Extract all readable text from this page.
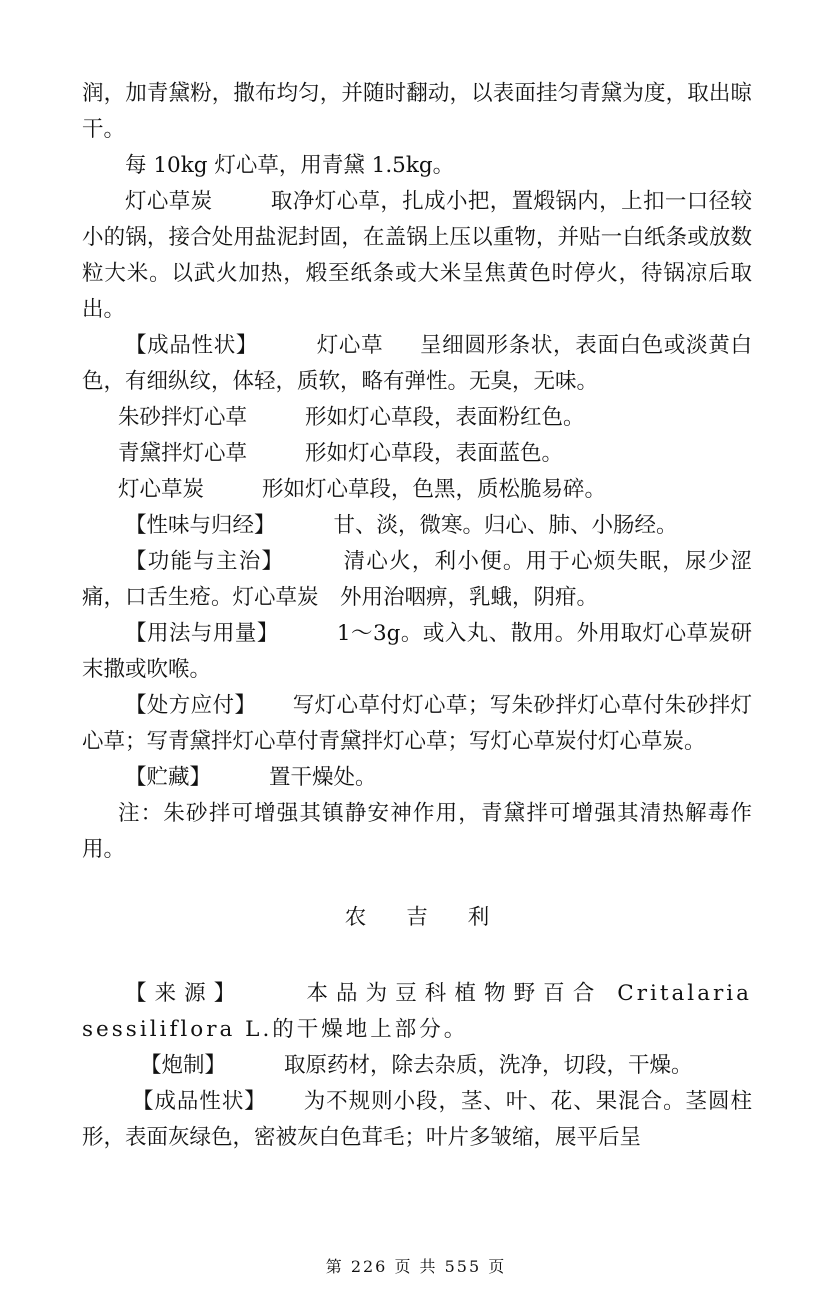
润，加青黛粉，撒布均匀，并随时翻动，以表面挂匀青黛为度，取出晾干。

每 10kg 灯心草，用青黛 1.5kg。

灯心草炭	取净灯心草，扎成小把，置煅锅内，上扣一口径较小的锅，接合处用盐泥封固，在盖锅上压以重物，并贴一白纸条或放数粒大米。以武火加热，煅至纸条或大米呈焦黄色时停火，待锅凉后取出。

【成品性状】	灯心草 呈细圆形条状，表面白色或淡黄白色，有细纵纹，体轻，质软，略有弹性。无臭，无味。

朱砂拌灯心草	形如灯心草段，表面粉红色。

青黛拌灯心草	形如灯心草段，表面蓝色。

灯心草炭	形如灯心草段，色黑，质松脆易碎。

【性味与归经】	甘、淡，微寒。归心、肺、小肠经。

【功能与主治】	清心火，利小便。用于心烦失眠，尿少涩痛，口舌生疮。灯心草炭　外用治咽痹，乳蛾，阴疳。

【用法与用量】	1～3g。或入丸、散用。外用取灯心草炭研末撒或吹喉。

【处方应付】 写灯心草付灯心草；写朱砂拌灯心草付朱砂拌灯心草；写青黛拌灯心草付青黛拌灯心草；写灯心草炭付灯心草炭。

【贮藏】	置干燥处。

注：朱砂拌可增强其镇静安神作用，青黛拌可增强其清热解毒作用。

农吉利

【来源】	本品为豆科植物野百合 Critalaria sessiliflora L.的干燥地上部分。

【炮制】	取原药材，除去杂质，洗净，切段，干燥。

【成品性状】 为不规则小段，茎、叶、花、果混合。茎圆柱形，表面灰绿色，密被灰白色茸毛；叶片多皱缩，展平后呈

第 226 页 共 555 页
